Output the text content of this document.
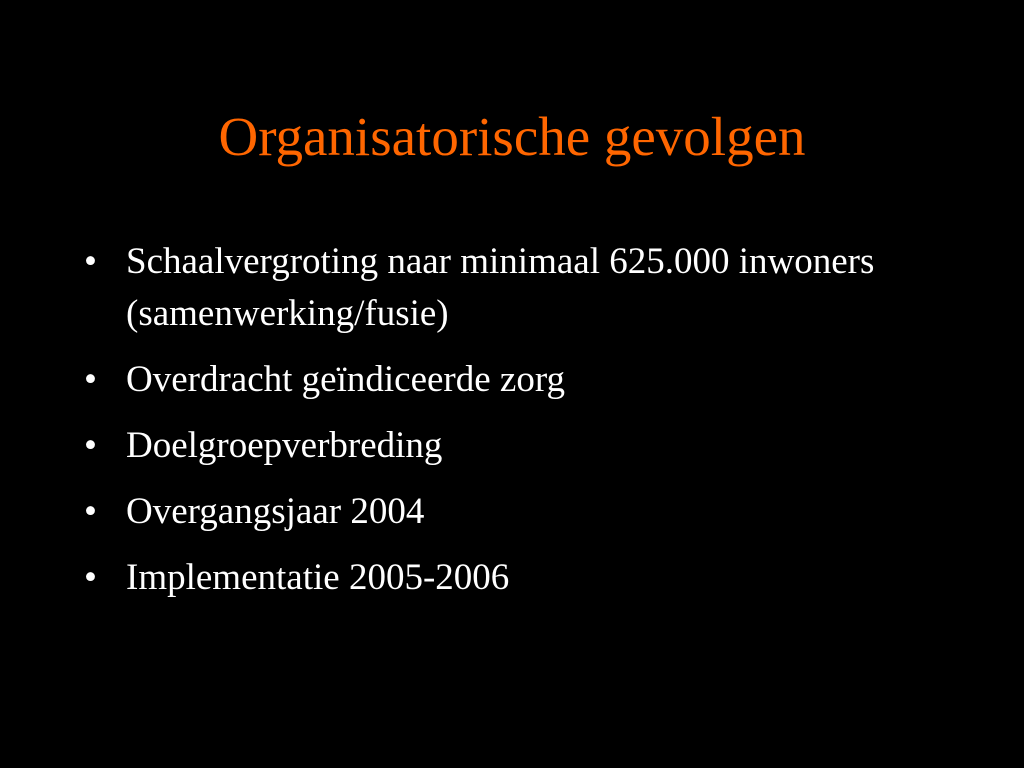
Organisatorische gevolgen
• Schaalvergroting naar minimaal 625.000 inwoners (samenwerking/fusie)
• Overdracht geïndiceerde zorg
• Doelgroepverbreding
• Overgangsjaar 2004
• Implementatie 2005-2006
